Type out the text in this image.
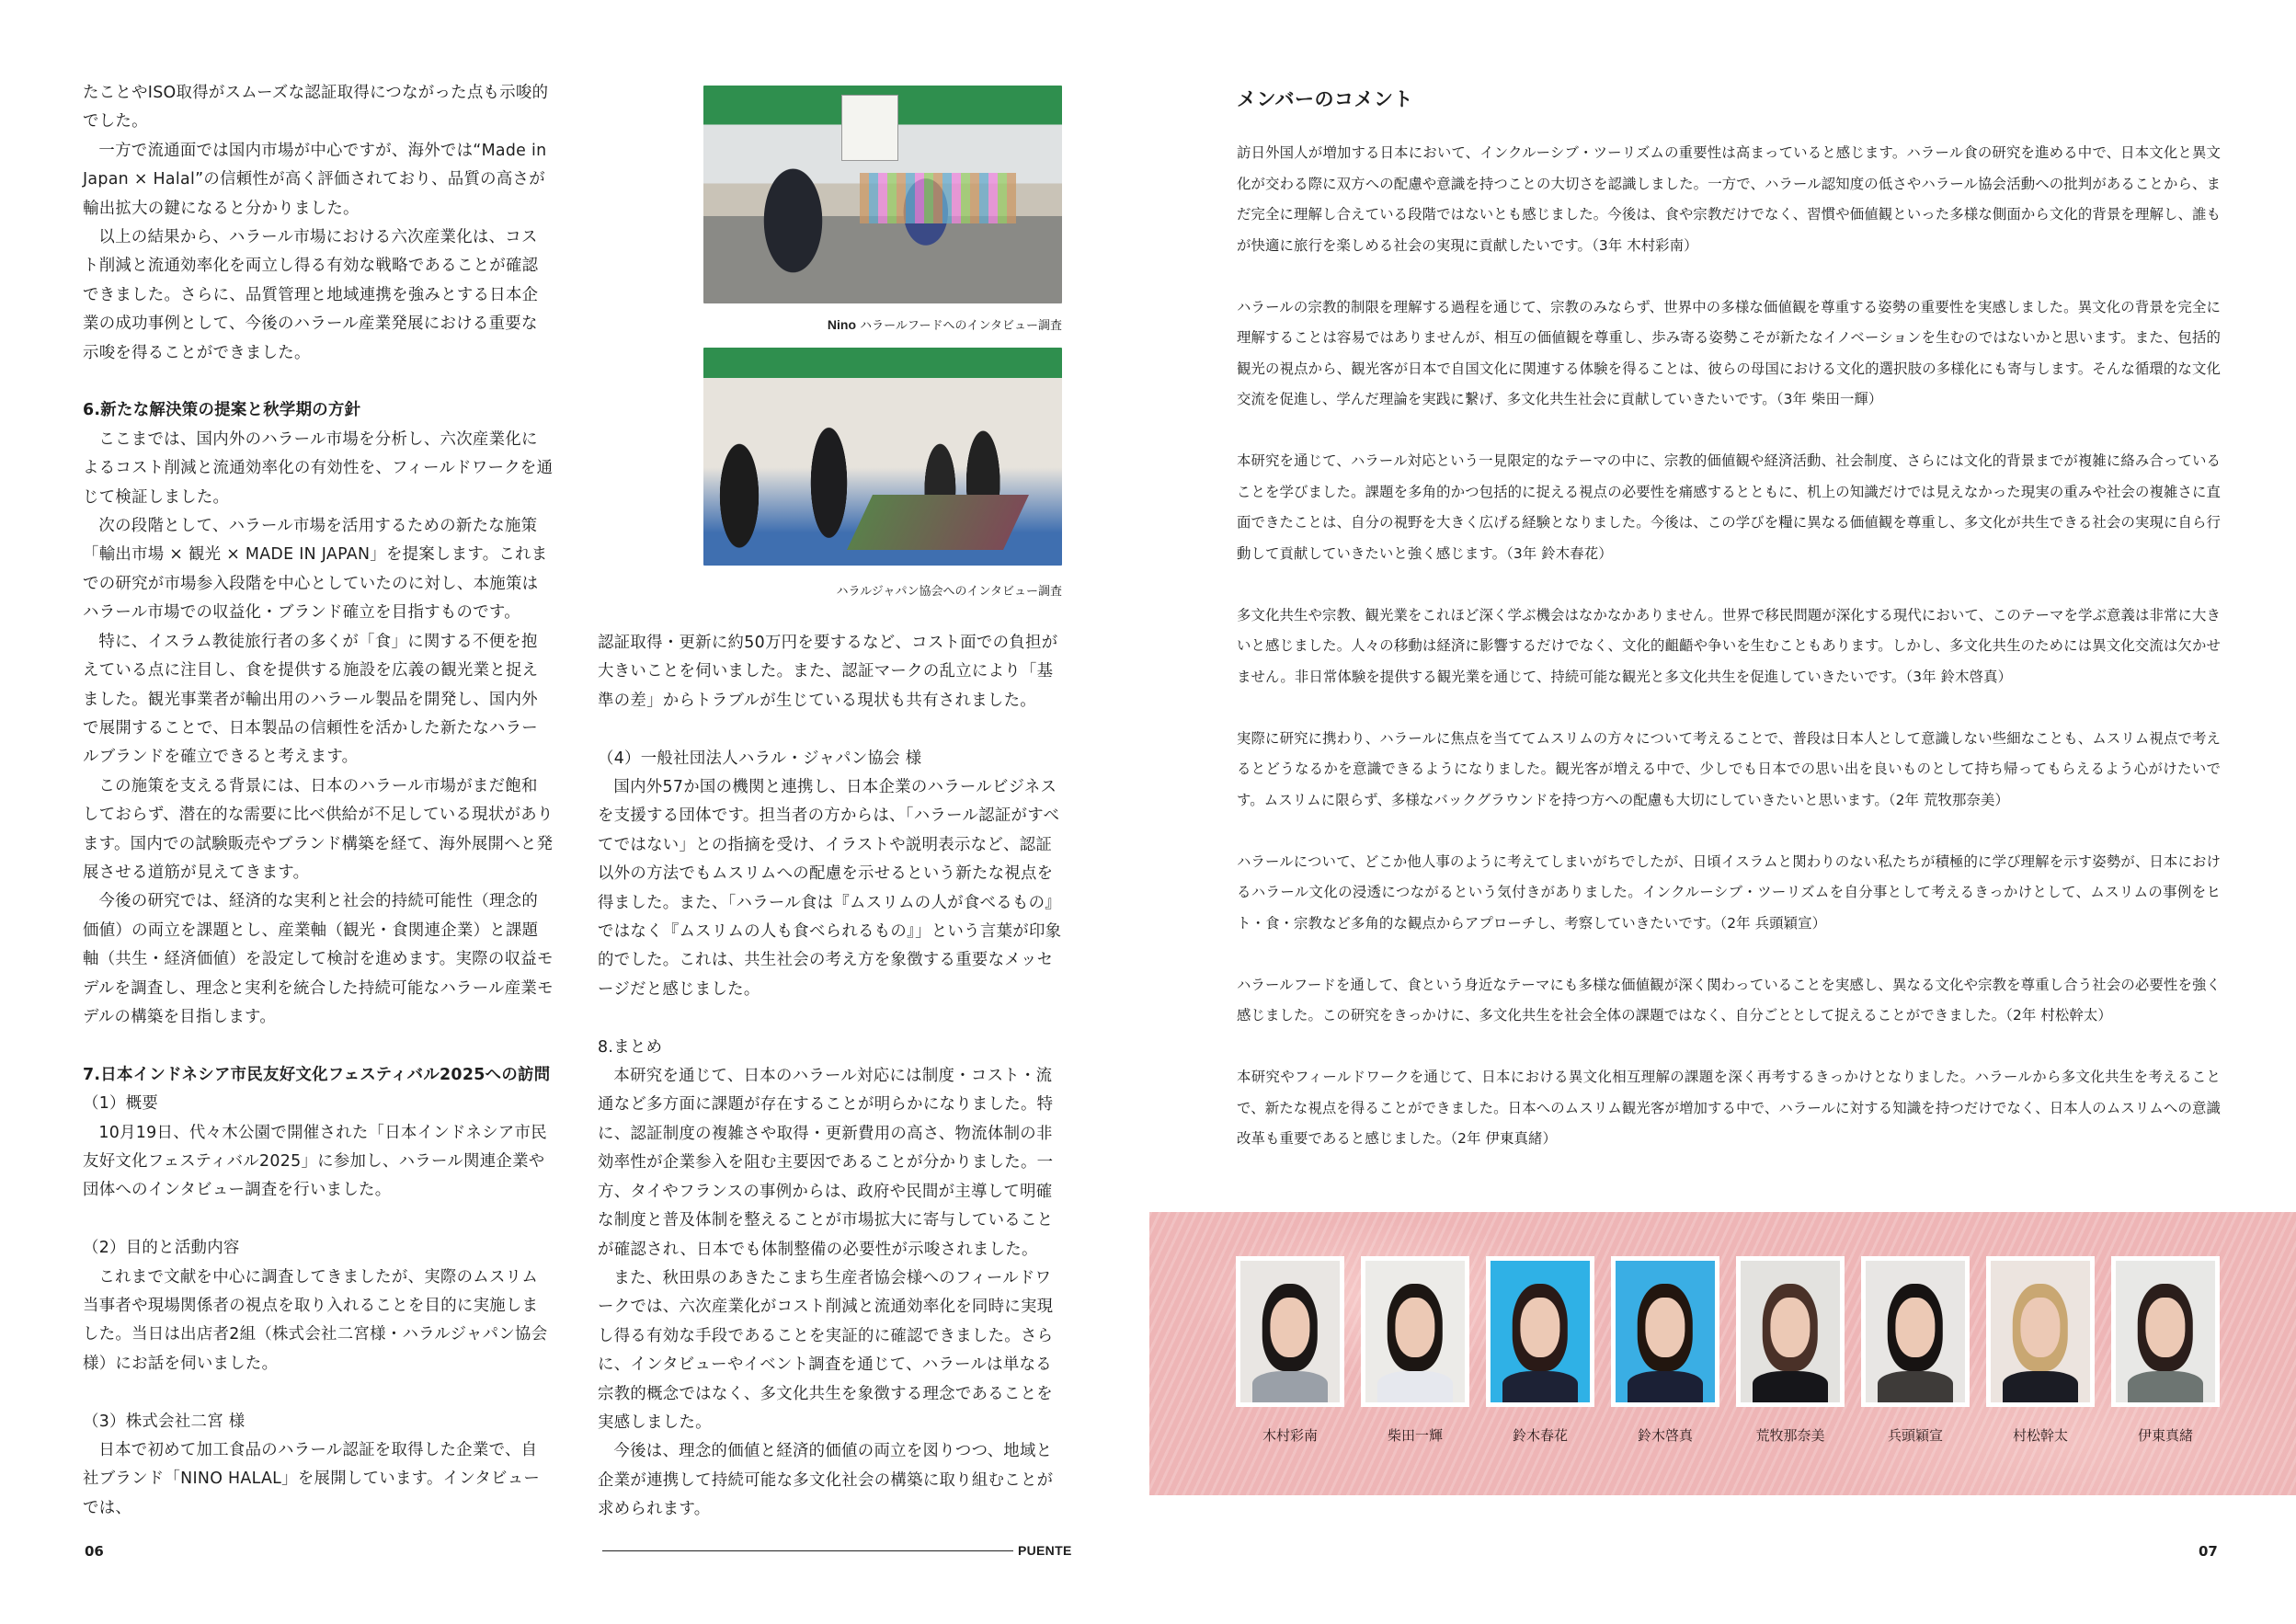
たことやISO取得がスムーズな認証取得につながった点も示唆的でした。

一方で流通面では国内市場が中心ですが、海外では“Made in Japan × Halal”の信頼性が高く評価されており、品質の高さが輸出拡大の鍵になると分かりました。

以上の結果から、ハラール市場における六次産業化は、コスト削減と流通効率化を両立し得る有効な戦略であることが確認できました。さらに、品質管理と地域連携を強みとする日本企業の成功事例として、今後のハラール産業発展における重要な示唆を得ることができました。

6.新たな解決策の提案と秋学期の方針

ここまでは、国内外のハラール市場を分析し、六次産業化によるコスト削減と流通効率化の有効性を、フィールドワークを通じて検証しました。

次の段階として、ハラール市場を活用するための新たな施策「輸出市場 × 観光 × MADE IN JAPAN」を提案します。これまでの研究が市場参入段階を中心としていたのに対し、本施策はハラール市場での収益化・ブランド確立を目指すものです。

特に、イスラム教徒旅行者の多くが「食」に関する不便を抱えている点に注目し、食を提供する施設を広義の観光業と捉えました。観光事業者が輸出用のハラール製品を開発し、国内外で展開することで、日本製品の信頼性を活かした新たなハラールブランドを確立できると考えます。

この施策を支える背景には、日本のハラール市場がまだ飽和しておらず、潜在的な需要に比べ供給が不足している現状があります。国内での試験販売やブランド構築を経て、海外展開へと発展させる道筋が見えてきます。

今後の研究では、経済的な実利と社会的持続可能性（理念的価値）の両立を課題とし、産業軸（観光・食関連企業）と課題軸（共生・経済価値）を設定して検討を進めます。実際の収益モデルを調査し、理念と実利を統合した持続可能なハラール産業モデルの構築を目指します。

7.日本インドネシア市民友好文化フェスティバル2025への訪問

（1）概要

10月19日、代々木公園で開催された「日本インドネシア市民友好文化フェスティバル2025」に参加し、ハラール関連企業や団体へのインタビュー調査を行いました。

（2）目的と活動内容

これまで文献を中心に調査してきましたが、実際のムスリム当事者や現場関係者の視点を取り入れることを目的に実施しました。当日は出店者2組（株式会社二宮様・ハラルジャパン協会様）にお話を伺いました。

（3）株式会社二宮 様

日本で初めて加工食品のハラール認証を取得した企業で、自社ブランド「NINO HALAL」を展開しています。インタビューでは、

Nino ハラールフードへのインタビュー調査
ハラルジャパン協会へのインタビュー調査

認証取得・更新に約50万円を要するなど、コスト面での負担が大きいことを伺いました。また、認証マークの乱立により「基準の差」からトラブルが生じている現状も共有されました。

（4）一般社団法人ハラル・ジャパン協会 様

国内外57か国の機関と連携し、日本企業のハラールビジネスを支援する団体です。担当者の方からは、「ハラール認証がすべてではない」との指摘を受け、イラストや説明表示など、認証以外の方法でもムスリムへの配慮を示せるという新たな視点を得ました。また、「ハラール食は『ムスリムの人が食べるもの』ではなく『ムスリムの人も食べられるもの』」という言葉が印象的でした。これは、共生社会の考え方を象徴する重要なメッセージだと感じました。

8.まとめ

本研究を通じて、日本のハラール対応には制度・コスト・流通など多方面に課題が存在することが明らかになりました。特に、認証制度の複雑さや取得・更新費用の高さ、物流体制の非効率性が企業参入を阻む主要因であることが分かりました。一方、タイやフランスの事例からは、政府や民間が主導して明確な制度と普及体制を整えることが市場拡大に寄与していることが確認され、日本でも体制整備の必要性が示唆されました。

また、秋田県のあきたこまち生産者協会様へのフィールドワークでは、六次産業化がコスト削減と流通効率化を同時に実現し得る有効な手段であることを実証的に確認できました。さらに、インタビューやイベント調査を通じて、ハラールは単なる宗教的概念ではなく、多文化共生を象徴する理念であることを実感しました。

今後は、理念的価値と経済的価値の両立を図りつつ、地域と企業が連携して持続可能な多文化社会の構築に取り組むことが求められます。

メンバーのコメント

訪日外国人が増加する日本において、インクルーシブ・ツーリズムの重要性は高まっていると感じます。ハラール食の研究を進める中で、日本文化と異文化が交わる際に双方への配慮や意識を持つことの大切さを認識しました。一方で、ハラール認知度の低さやハラール協会活動への批判があることから、まだ完全に理解し合えている段階ではないとも感じました。今後は、食や宗教だけでなく、習慣や価値観といった多様な側面から文化的背景を理解し、誰もが快適に旅行を楽しめる社会の実現に貢献したいです。（3年 木村彩南）

ハラールの宗教的制限を理解する過程を通じて、宗教のみならず、世界中の多様な価値観を尊重する姿勢の重要性を実感しました。異文化の背景を完全に理解することは容易ではありませんが、相互の価値観を尊重し、歩み寄る姿勢こそが新たなイノベーションを生むのではないかと思います。また、包括的観光の視点から、観光客が日本で自国文化に関連する体験を得ることは、彼らの母国における文化的選択肢の多様化にも寄与します。そんな循環的な文化交流を促進し、学んだ理論を実践に繋げ、多文化共生社会に貢献していきたいです。（3年 柴田一輝）

本研究を通じて、ハラール対応という一見限定的なテーマの中に、宗教的価値観や経済活動、社会制度、さらには文化的背景までが複雑に絡み合っていることを学びました。課題を多角的かつ包括的に捉える視点の必要性を痛感するとともに、机上の知識だけでは見えなかった現実の重みや社会の複雑さに直面できたことは、自分の視野を大きく広げる経験となりました。今後は、この学びを糧に異なる価値観を尊重し、多文化が共生できる社会の実現に自ら行動して貢献していきたいと強く感じます。（3年 鈴木春花）

多文化共生や宗教、観光業をこれほど深く学ぶ機会はなかなかありません。世界で移民問題が深化する現代において、このテーマを学ぶ意義は非常に大きいと感じました。人々の移動は経済に影響するだけでなく、文化的齟齬や争いを生むこともあります。しかし、多文化共生のためには異文化交流は欠かせません。非日常体験を提供する観光業を通じて、持続可能な観光と多文化共生を促進していきたいです。（3年 鈴木啓真）

実際に研究に携わり、ハラールに焦点を当ててムスリムの方々について考えることで、普段は日本人として意識しない些細なことも、ムスリム視点で考えるとどうなるかを意識できるようになりました。観光客が増える中で、少しでも日本での思い出を良いものとして持ち帰ってもらえるよう心がけたいです。ムスリムに限らず、多様なバックグラウンドを持つ方への配慮も大切にしていきたいと思います。（2年 荒牧那奈美）

ハラールについて、どこか他人事のように考えてしまいがちでしたが、日頃イスラムと関わりのない私たちが積極的に学び理解を示す姿勢が、日本におけるハラール文化の浸透につながるという気付きがありました。インクルーシブ・ツーリズムを自分事として考えるきっかけとして、ムスリムの事例をヒト・食・宗教など多角的な観点からアプローチし、考察していきたいです。（2年 兵頭穎宣）

ハラールフードを通して、食という身近なテーマにも多様な価値観が深く関わっていることを実感し、異なる文化や宗教を尊重し合う社会の必要性を強く感じました。この研究をきっかけに、多文化共生を社会全体の課題ではなく、自分ごととして捉えることができました。（2年 村松幹太）

本研究やフィールドワークを通じて、日本における異文化相互理解の課題を深く再考するきっかけとなりました。ハラールから多文化共生を考えることで、新たな視点を得ることができました。日本へのムスリム観光客が増加する中で、ハラールに対する知識を持つだけでなく、日本人のムスリムへの意識改革も重要であると感じました。（2年 伊東真緒）

木村彩南	柴田一輝	鈴木春花	鈴木啓真	荒牧那奈美	兵頭穎宣	村松幹太	伊東真緒
06	PUENTE	07
